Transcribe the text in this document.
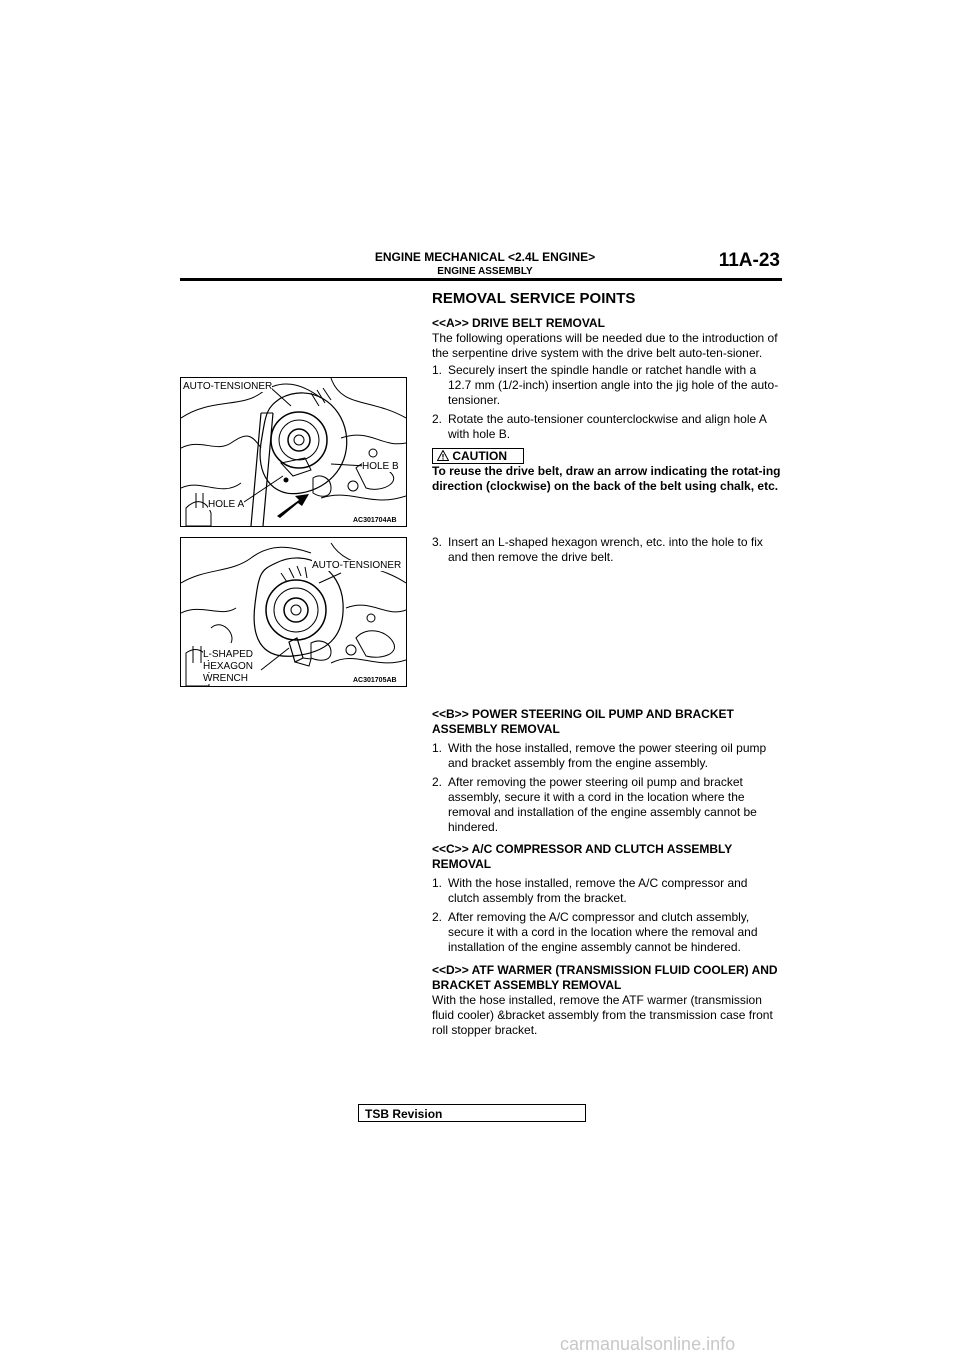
ENGINE MECHANICAL <2.4L ENGINE>
ENGINE ASSEMBLY
11A-23
REMOVAL SERVICE POINTS
<<A>> DRIVE BELT REMOVAL
The following operations will be needed due to the introduction of the serpentine drive system with the drive belt auto-ten-sioner.
1. Securely insert the spindle handle or ratchet handle with a 12.7 mm (1/2-inch) insertion angle into the jig hole of the auto-tensioner.
2. Rotate the auto-tensioner counterclockwise and align hole A with hole B.
CAUTION
To reuse the drive belt, draw an arrow indicating the rotat-ing direction (clockwise) on the back of the belt using chalk, etc.
3. Insert an L-shaped hexagon wrench, etc. into the hole to fix and then remove the drive belt.
<<B>> POWER STEERING OIL PUMP AND BRACKET ASSEMBLY REMOVAL
1. With the hose installed, remove the power steering oil pump and bracket assembly from the engine assembly.
2. After removing the power steering oil pump and bracket assembly, secure it with a cord in the location where the removal and installation of the engine assembly cannot be hindered.
<<C>> A/C COMPRESSOR AND CLUTCH ASSEMBLY REMOVAL
1. With the hose installed, remove the A/C compressor and clutch assembly from the bracket.
2. After removing the A/C compressor and clutch assembly, secure it with a cord in the location where the removal and installation of the engine assembly cannot be hindered.
<<D>> ATF WARMER (TRANSMISSION FLUID COOLER) AND BRACKET ASSEMBLY REMOVAL
With the hose installed, remove the ATF warmer (transmission fluid cooler) &bracket assembly from the transmission case front roll stopper bracket.
AUTO-TENSIONER
HOLE B
HOLE A
AC301704AB
AUTO-TENSIONER
L-SHAPED
HEXAGON
WRENCH	AC301705AB
TSB Revision
carmanualsonline.info
